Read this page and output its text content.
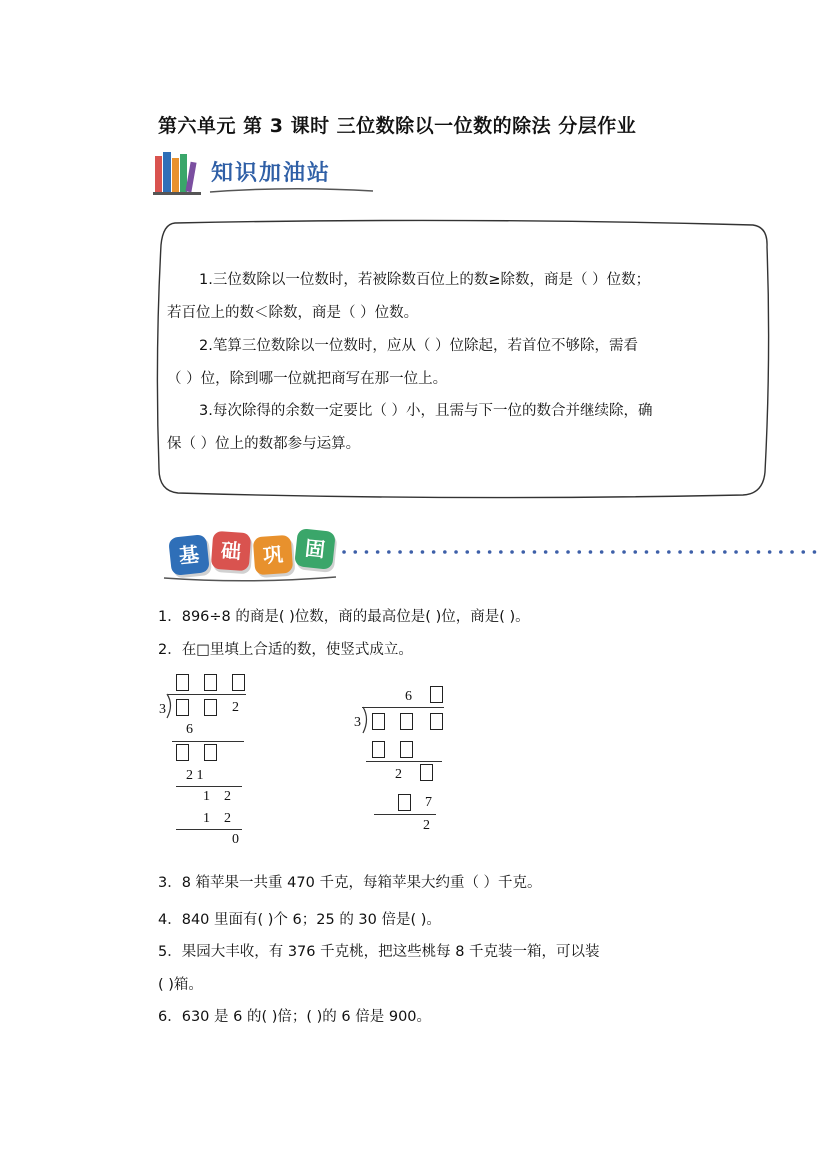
第六单元 第 3 课时 三位数除以一位数的除法 分层作业
知识加油站
1.三位数除以一位数时，若被除数百位上的数≥除数，商是（ ）位数；
若百位上的数＜除数，商是（ ）位数。
2.笔算三位数除以一位数时，应从（ ）位除起，若首位不够除，需看
（ ）位，除到哪一位就把商写在那一位上。
3.每次除得的余数一定要比（ ）小，且需与下一位的数合并继续除，确
保（ ）位上的数都参与运算。
基 础	巩 固
1．896÷8 的商是( )位数，商的最高位是( )位，商是( )。
2．在□里填上合适的数，使竖式成立。
3	2
6
2 1
1    2
1    2
0
6
3
2
7
2
3．8 箱苹果一共重 470 千克，每箱苹果大约重（ ）千克。
4．840 里面有( )个 6；25 的 30 倍是( )。
5．果园大丰收，有 376 千克桃，把这些桃每 8 千克装一箱，可以装
( )箱。
6．630 是 6 的( )倍；( )的 6 倍是 900。
